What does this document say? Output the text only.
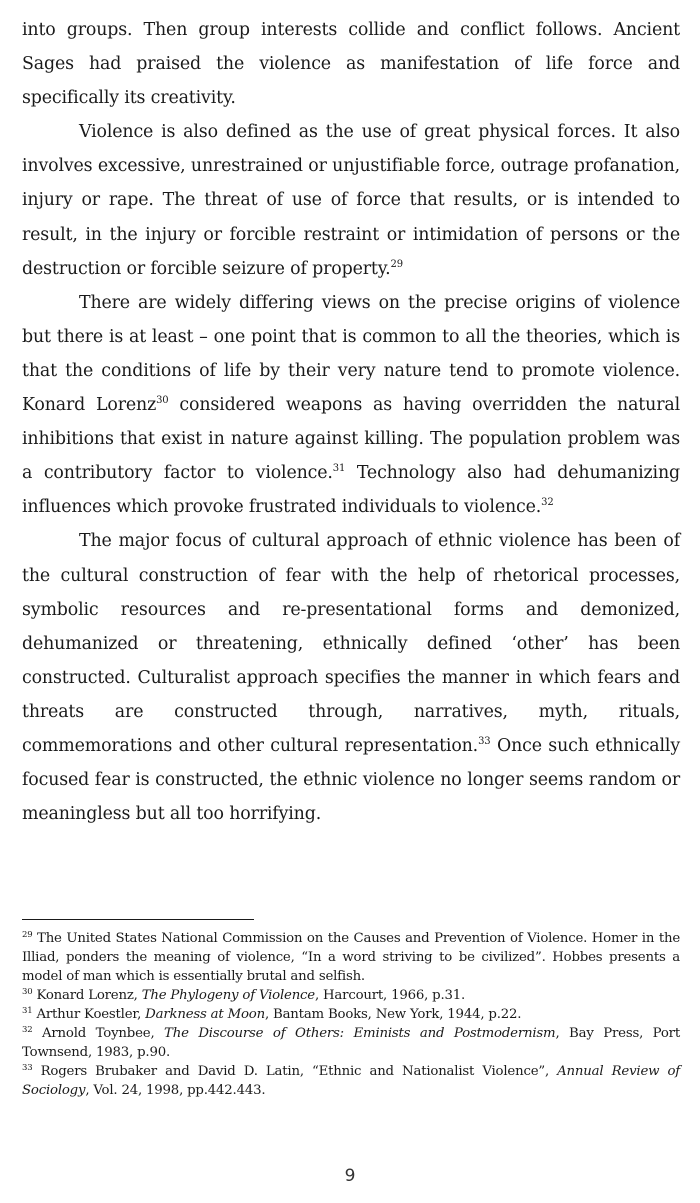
into groups. Then group interests collide and conflict follows. Ancient Sages had praised the violence as manifestation of life force and specifically its creativity.

Violence is also defined as the use of great physical forces. It also involves excessive, unrestrained or unjustifiable force, outrage profanation, injury or rape. The threat of use of force that results, or is intended to result, in the injury or forcible restraint or intimidation of persons or the destruction or forcible seizure of property.$^{29}$

There are widely differing views on the precise origins of violence but there is at least – one point that is common to all the theories, which is that the conditions of life by their very nature tend to promote violence. Konard Lorenz$^{30}$ considered weapons as having overridden the natural inhibitions that exist in nature against killing. The population problem was a contributory factor to violence.$^{31}$ Technology also had dehumanizing influences which provoke frustrated individuals to violence.$^{32}$

The major focus of cultural approach of ethnic violence has been of the cultural construction of fear with the help of rhetorical processes, symbolic resources and re-presentational forms and demonized, dehumanized or threatening, ethnically defined ‘other’ has been constructed. Culturalist approach specifies the manner in which fears and threats are constructed through, narratives, myth, rituals, commemorations and other cultural representation.$^{33}$ Once such ethnically focused fear is constructed, the ethnic violence no longer seems random or meaningless but all too horrifying.

$^{29}$ The United States National Commission on the Causes and Prevention of Violence. Homer in the Illiad, ponders the meaning of violence, “In a word striving to be civilized”. Hobbes presents a model of man which is essentially brutal and selfish.

$^{30}$ Konard Lorenz, The Phylogeny of Violence, Harcourt, 1966, p.31.

$^{31}$ Arthur Koestler, Darkness at Moon, Bantam Books, New York, 1944, p.22.

$^{32}$ Arnold Toynbee, The Discourse of Others: Eminists and Postmodernism, Bay Press, Port Townsend, 1983, p.90.

$^{33}$ Rogers Brubaker and David D. Latin, “Ethnic and Nationalist Violence”, Annual Review of Sociology, Vol. 24, 1998, pp.442.443.

9
